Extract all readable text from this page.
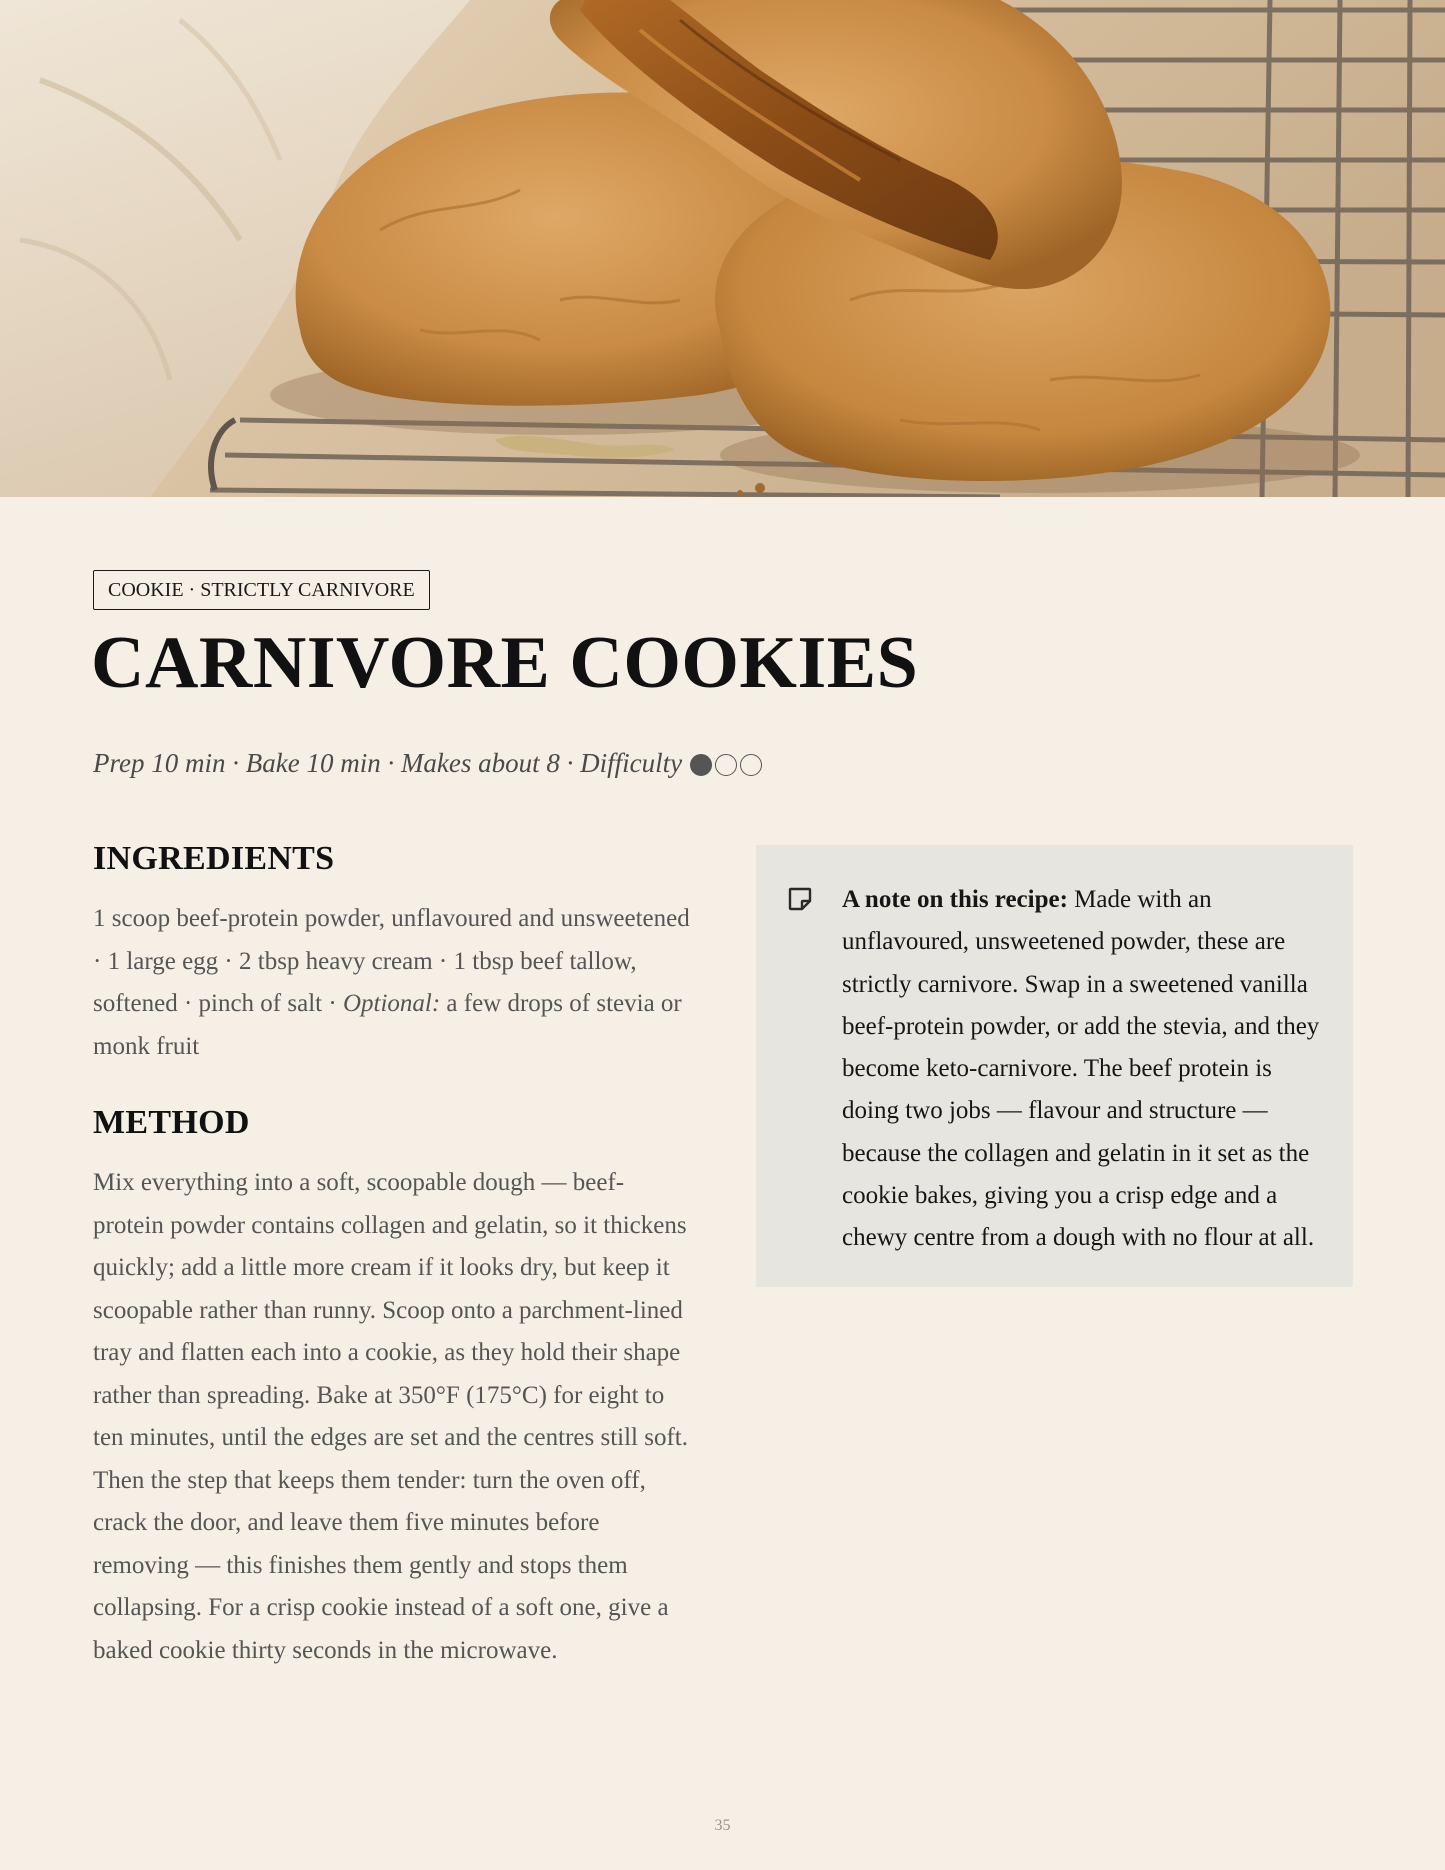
COOKIE · STRICTLY CARNIVORE
CARNIVORE COOKIES
Prep 10 min · Bake 10 min · Makes about 8 · Difficulty
INGREDIENTS

1 scoop beef-protein powder, unflavoured and unsweetened · 1 large egg · 2 tbsp heavy cream · 1 tbsp beef tallow, softened · pinch of salt · Optional: a few drops of stevia or monk fruit

METHOD

Mix everything into a soft, scoopable dough — beef-protein powder contains collagen and gelatin, so it thickens quickly; add a little more cream if it looks dry, but keep it scoopable rather than runny. Scoop onto a parchment-lined tray and flatten each into a cookie, as they hold their shape rather than spreading. Bake at 350°F (175°C) for eight to ten minutes, until the edges are set and the centres still soft. Then the step that keeps them tender: turn the oven off, crack the door, and leave them five minutes before removing — this finishes them gently and stops them collapsing. For a crisp cookie instead of a soft one, give a baked cookie thirty seconds in the microwave.

A note on this recipe: Made with an unflavoured, unsweetened powder, these are strictly carnivore. Swap in a sweetened vanilla beef-protein powder, or add the stevia, and they become keto-carnivore. The beef protein is doing two jobs — flavour and structure — because the collagen and gelatin in it set as the cookie bakes, giving you a crisp edge and a chewy centre from a dough with no flour at all.

35
